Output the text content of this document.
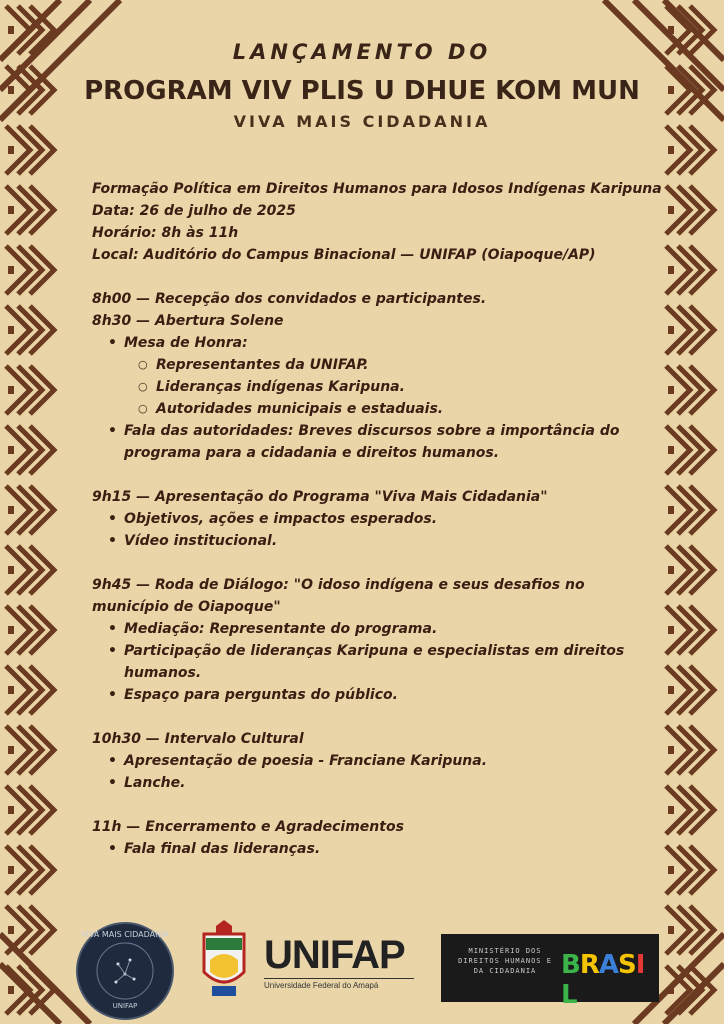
LANÇAMENTO DO
PROGRAM VIV PLIS U DHUE KOM MUN
VIVA MAIS CIDADANIA
Formação Política em Direitos Humanos para Idosos Indígenas Karipuna
Data: 26 de julho de 2025
Horário: 8h às 11h
Local: Auditório do Campus Binacional — UNIFAP (Oiapoque/AP)
8h00 — Recepção dos convidados e participantes.
8h30 — Abertura Solene
• Mesa de Honra:
○ Representantes da UNIFAP.
○ Lideranças indígenas Karipuna.
○ Autoridades municipais e estaduais.
• Fala das autoridades: Breves discursos sobre a importância do programa para a cidadania e direitos humanos.
9h15 — Apresentação do Programa "Viva Mais Cidadania"
• Objetivos, ações e impactos esperados.
• Vídeo institucional.
9h45 — Roda de Diálogo: "O idoso indígena e seus desafios no município de Oiapoque"
• Mediação: Representante do programa.
• Participação de lideranças Karipuna e especialistas em direitos humanos.
• Espaço para perguntas do público.
10h30 — Intervalo Cultural
• Apresentação de poesia - Franciane Karipuna.
• Lanche.
11h — Encerramento e Agradecimentos
• Fala final das lideranças.
VIVA MAIS CIDADANIA
UNIFAP
UNIFAP
Universidade Federal do Amapá
MINISTÉRIO DOS DIREITOS HUMANOS E DA CIDADANIA BRASIL
